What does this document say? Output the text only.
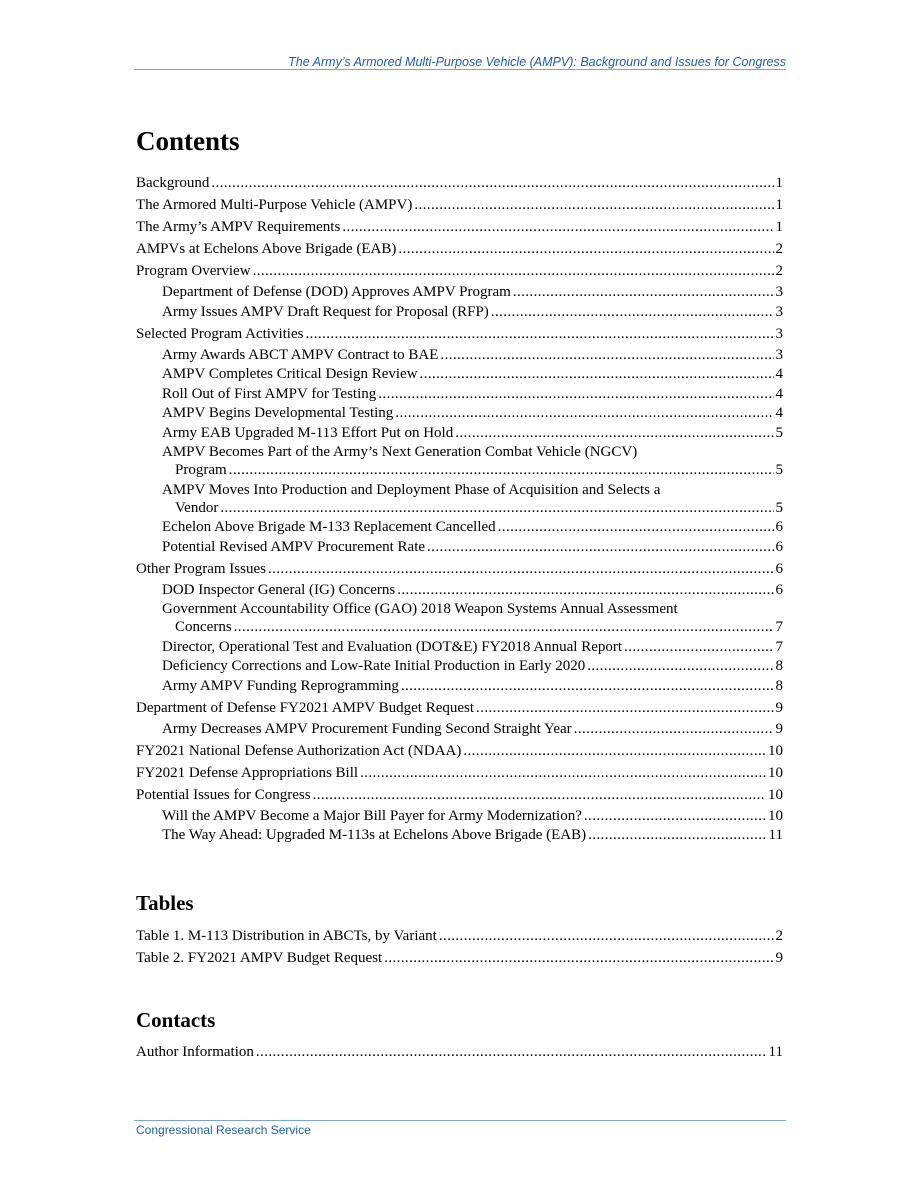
The Army’s Armored Multi-Purpose Vehicle (AMPV): Background and Issues for Congress
Contents
Background .....	1
The Armored Multi-Purpose Vehicle (AMPV) .....	1
The Army’s AMPV Requirements .....	1
AMPVs at Echelons Above Brigade (EAB) .....	2
Program Overview .....	2
Department of Defense (DOD) Approves AMPV Program .....	3
Army Issues AMPV Draft Request for Proposal (RFP) .....	3
Selected Program Activities .....	3
Army Awards ABCT AMPV Contract to BAE .....	3
AMPV Completes Critical Design Review .....	4
Roll Out of First AMPV for Testing .....	4
AMPV Begins Developmental Testing .....	4
Army EAB Upgraded M-113 Effort Put on Hold .....	5
AMPV Becomes Part of the Army’s Next Generation Combat Vehicle (NGCV)
Program .....	5
AMPV Moves Into Production and Deployment Phase of Acquisition and Selects a
Vendor .....	5
Echelon Above Brigade M-133 Replacement Cancelled .....	6
Potential Revised AMPV Procurement Rate .....	6
Other Program Issues .....	6
DOD Inspector General (IG) Concerns .....	6
Government Accountability Office (GAO) 2018 Weapon Systems Annual Assessment
Concerns .....	7
Director, Operational Test and Evaluation (DOT&E) FY2018 Annual Report .....	7
Deficiency Corrections and Low-Rate Initial Production in Early 2020 .....	8
Army AMPV Funding Reprogramming .....	8
Department of Defense FY2021 AMPV Budget Request .....	9
Army Decreases AMPV Procurement Funding Second Straight Year .....	9
FY2021 National Defense Authorization Act (NDAA) .....	10
FY2021 Defense Appropriations Bill .....	10
Potential Issues for Congress .....	10
Will the AMPV Become a Major Bill Payer for Army Modernization? .....	10
The Way Ahead: Upgraded M-113s at Echelons Above Brigade (EAB) .....	11
Tables
Table 1. M-113 Distribution in ABCTs, by Variant .....	2
Table 2. FY2021 AMPV Budget Request .....	9
Contacts
Author Information .....	11
Congressional Research Service
